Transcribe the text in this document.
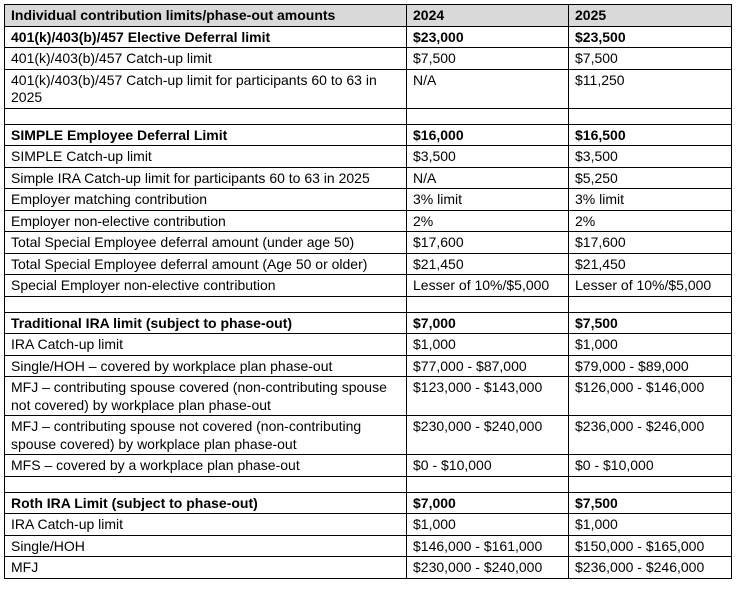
Individual contribution limits/phase-out amounts	2024	2025
401(k)/403(b)/457 Elective Deferral limit	$23,000	$23,500
401(k)/403(b)/457 Catch-up limit	$7,500	$7,500
401(k)/403(b)/457 Catch-up limit for participants 60 to 63 in 2025	N/A	$11,250

SIMPLE Employee Deferral Limit	$16,000	$16,500
SIMPLE Catch-up limit	$3,500	$3,500
Simple IRA Catch-up limit for participants 60 to 63 in 2025	N/A	$5,250
Employer matching contribution	3% limit	3% limit
Employer non-elective contribution	2%	2%
Total Special Employee deferral amount (under age 50)	$17,600	$17,600
Total Special Employee deferral amount (Age 50 or older)	$21,450	$21,450
Special Employer non-elective contribution	Lesser of 10%/$5,000	Lesser of 10%/$5,000

Traditional IRA limit (subject to phase-out)	$7,000	$7,500
IRA Catch-up limit	$1,000	$1,000
Single/HOH – covered by workplace plan phase-out	$77,000 - $87,000	$79,000 - $89,000
MFJ – contributing spouse covered (non-contributing spouse not covered) by workplace plan phase-out	$123,000 - $143,000	$126,000 - $146,000
MFJ – contributing spouse not covered (non-contributing spouse covered) by workplace plan phase-out	$230,000 - $240,000	$236,000 - $246,000
MFS – covered by a workplace plan phase-out	$0 - $10,000	$0 - $10,000

Roth IRA Limit (subject to phase-out)	$7,000	$7,500
IRA Catch-up limit	$1,000	$1,000
Single/HOH	$146,000 - $161,000	$150,000 - $165,000
MFJ	$230,000 - $240,000	$236,000 - $246,000
